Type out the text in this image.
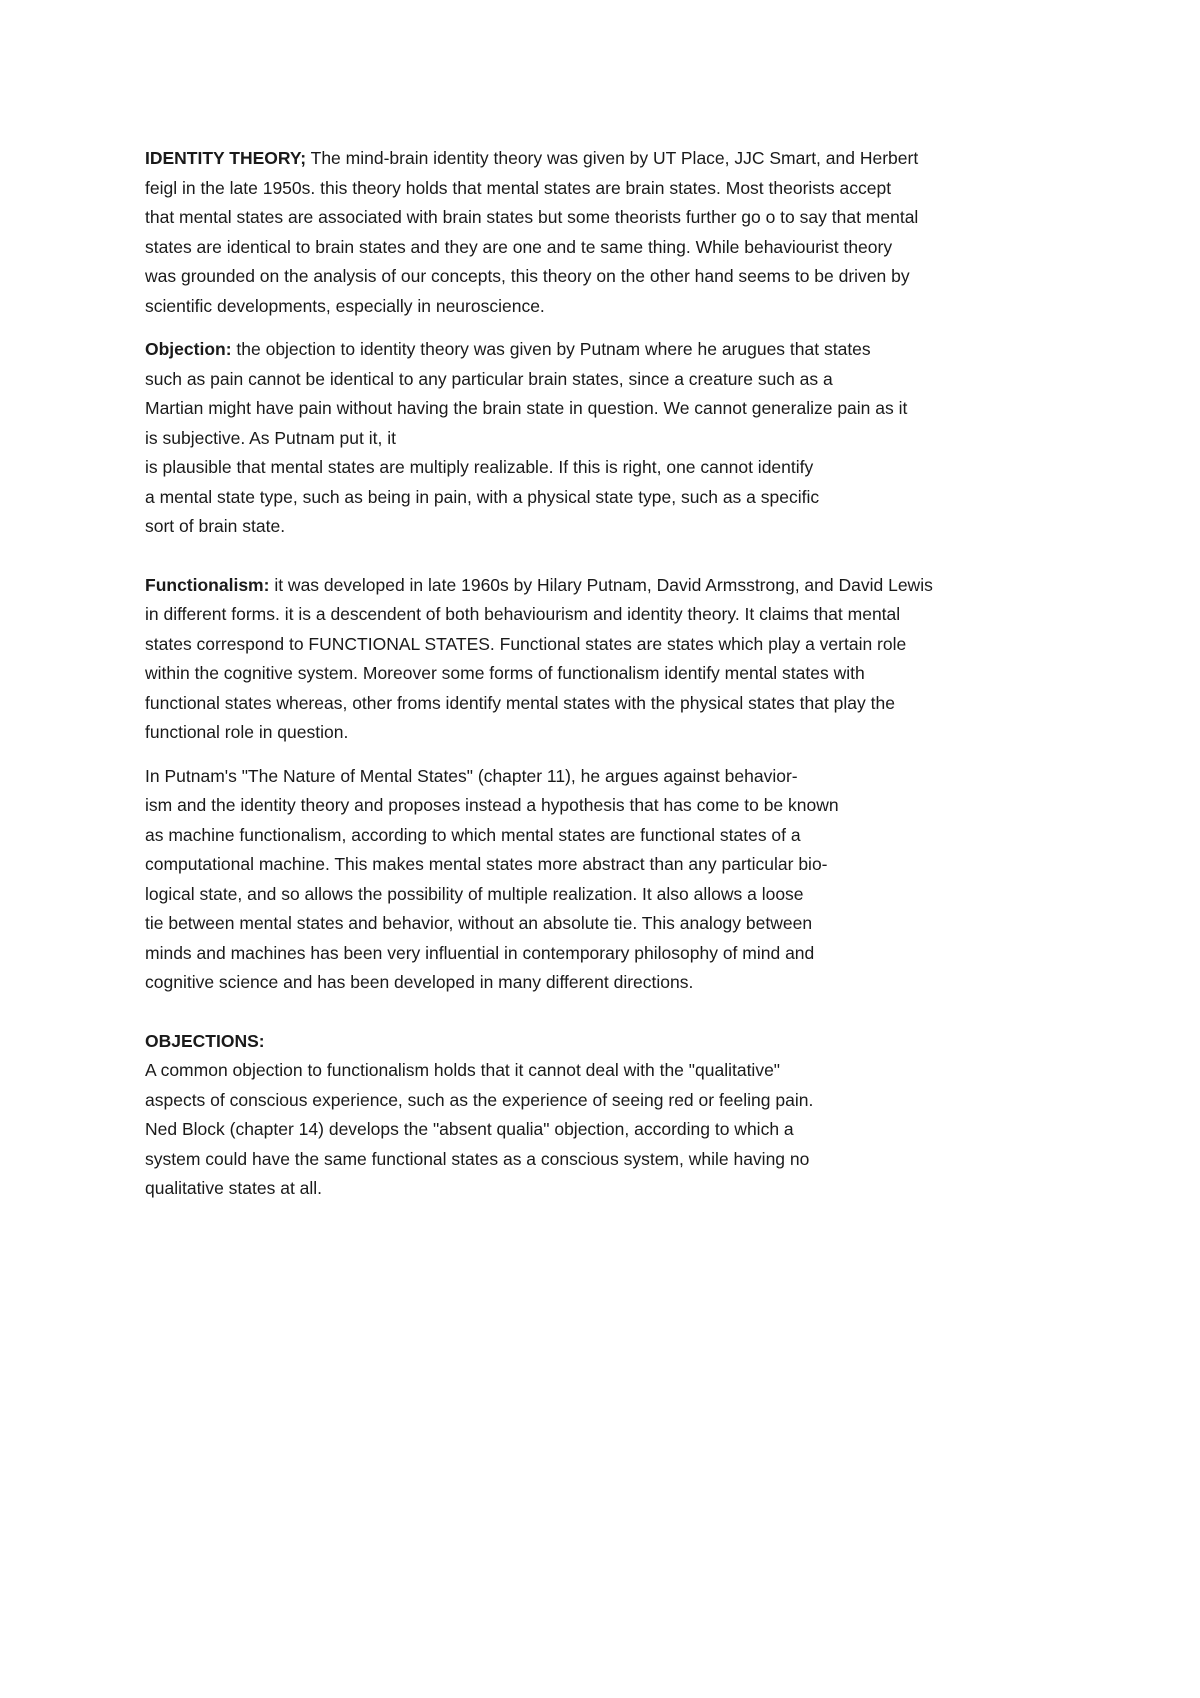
IDENTITY THEORY; The mind-brain identity theory was given by UT Place, JJC Smart, and Herbert
feigl in the late 1950s. this theory holds that mental states are brain states. Most theorists accept
that mental states are associated with brain states but some theorists further go o to say that mental
states are identical to brain states and they are one and te same thing. While behaviourist theory
was grounded on the analysis of our concepts, this theory on the other hand seems to be driven by
scientific developments, especially in neuroscience.
Objection: the objection to identity theory was given by Putnam where he arugues that states
such as pain cannot be identical to any particular brain states, since a creature such as a
Martian might have pain without having the brain state in question. We cannot generalize pain as it
is subjective. As Putnam put it, it
is plausible that mental states are multiply realizable. If this is right, one cannot identify
a mental state type, such as being in pain, with a physical state type, such as a specific
sort of brain state.
Functionalism: it was developed in late 1960s by Hilary Putnam, David Armsstrong, and David Lewis
in different forms. it is a descendent of both behaviourism and identity theory. It claims that mental
states correspond to FUNCTIONAL STATES. Functional states are states which play a vertain role
within the cognitive system. Moreover some forms of functionalism identify mental states with
functional states whereas, other froms identify mental states with the physical states that play the
functional role in question.
In Putnam's "The Nature of Mental States" (chapter 11), he argues against behavior-
ism and the identity theory and proposes instead a hypothesis that has come to be known
as machine functionalism, according to which mental states are functional states of a
computational machine. This makes mental states more abstract than any particular bio-
logical state, and so allows the possibility of multiple realization. It also allows a loose
tie between mental states and behavior, without an absolute tie. This analogy between
minds and machines has been very influential in contemporary philosophy of mind and
cognitive science and has been developed in many different directions.
OBJECTIONS:
A common objection to functionalism holds that it cannot deal with the "qualitative"
aspects of conscious experience, such as the experience of seeing red or feeling pain.
Ned Block (chapter 14) develops the "absent qualia" objection, according to which a
system could have the same functional states as a conscious system, while having no
qualitative states at all.
